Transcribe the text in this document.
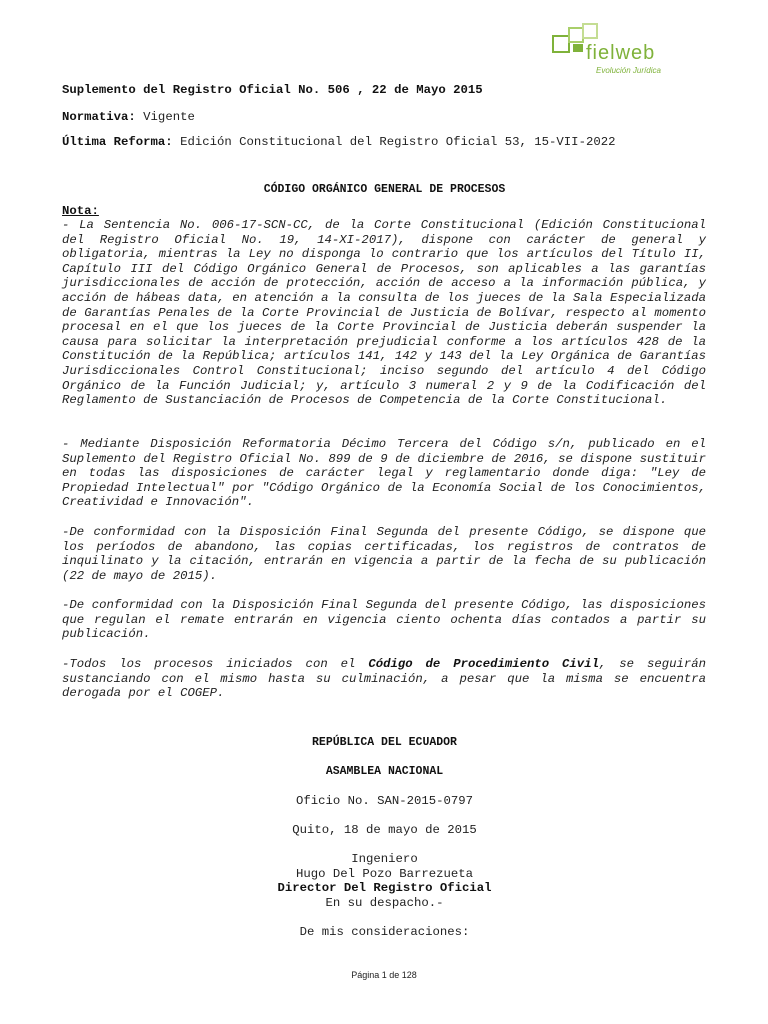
fielweb
Evolución Jurídica
Suplemento del Registro Oficial No. 506 , 22 de Mayo 2015
Normativa: Vigente
Última Reforma: Edición Constitucional del Registro Oficial 53, 15-VII-2022
CÓDIGO ORGÁNICO GENERAL DE PROCESOS
Nota:

- La Sentencia No. 006-17-SCN-CC, de la Corte Constitucional (Edición Constitucional del Registro Oficial No. 19, 14-XI-2017), dispone con carácter de general y obligatoria, mientras la Ley no disponga lo contrario que los artículos del Título II, Capítulo III del Código Orgánico General de Procesos, son aplicables a las garantías jurisdiccionales de acción de protección, acción de acceso a la información pública, y acción de hábeas data, en atención a la consulta de los jueces de la Sala Especializada de Garantías Penales de la Corte Provincial de Justicia de Bolívar, respecto al momento procesal en el que los jueces de la Corte Provincial de Justicia deberán suspender la causa para solicitar la interpretación prejudicial conforme a los artículos 428 de la Constitución de la República; artículos 141, 142 y 143 del la Ley Orgánica de Garantías Jurisdiccionales Control Constitucional; inciso segundo del artículo 4 del Código Orgánico de la Función Judicial; y, artículo 3 numeral 2 y 9 de la Codificación del Reglamento de Sustanciación de Procesos de Competencia de la Corte Constitucional.

- Mediante Disposición Reformatoria Décimo Tercera del Código s/n, publicado en el Suplemento del Registro Oficial No. 899 de 9 de diciembre de 2016, se dispone sustituir en todas las disposiciones de carácter legal y reglamentario donde diga: "Ley de Propiedad Intelectual" por "Código Orgánico de la Economía Social de los Conocimientos, Creatividad e Innovación".

-De conformidad con la Disposición Final Segunda del presente Código, se dispone que los períodos de abandono, las copias certificadas, los registros de contratos de inquilinato y la citación, entrarán en vigencia a partir de la fecha de su publicación (22 de mayo de 2015).

-De conformidad con la Disposición Final Segunda del presente Código, las disposiciones que regulan el remate entrarán en vigencia ciento ochenta días contados a partir su publicación.

-Todos los procesos iniciados con el Código de Procedimiento Civil, se seguirán sustanciando con el mismo hasta su culminación, a pesar que la misma se encuentra derogada por el COGEP.

REPÚBLICA DEL ECUADOR
ASAMBLEA NACIONAL
Oficio No. SAN-2015-0797
Quito, 18 de mayo de 2015
Ingeniero
Hugo Del Pozo Barrezueta
Director Del Registro Oficial
En su despacho.-
De mis consideraciones:
Página 1 de 128
